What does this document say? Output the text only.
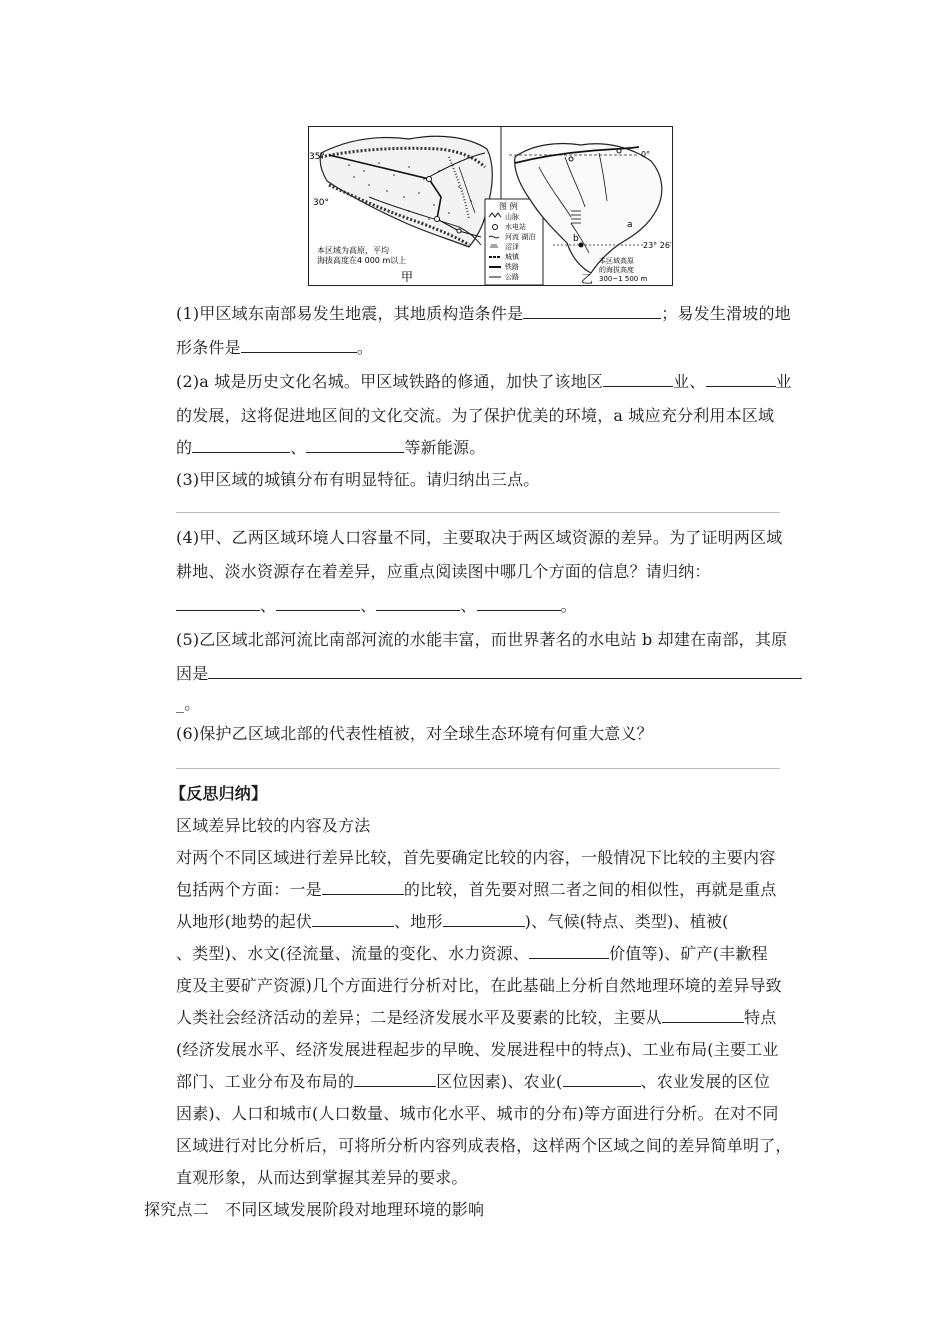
35°
30°
本区域为高原，平均
海拔高度在4 000 m以上
甲
图 例
山脉
水电站
河流 湖泊
沼泽
城镇
铁路
公路
0°
23° 26′
a
b
本区域高原
的海拔高度
300~1 500 m
乙
(1)甲区域东南部易发生地震，其地质构造条件是	；易发生滑坡的地
形条件是	。
(2)a 城是历史文化名城。甲区域铁路的修通，加快了该地区	业、	业
的发展，这将促进地区间的文化交流。为了保护优美的环境，a 城应充分利用本区域
的	、	等新能源。
(3)甲区域的城镇分布有明显特征。请归纳出三点。
(4)甲、乙两区域环境人口容量不同，主要取决于两区域资源的差异。为了证明两区域
耕地、淡水资源存在着差异，应重点阅读图中哪几个方面的信息？请归纳：
、	、	、	。
(5)乙区域北部河流比南部河流的水能丰富，而世界著名的水电站 b 却建在南部，其原
因是
_。
(6)保护乙区域北部的代表性植被，对全球生态环境有何重大意义？
【反思归纳】
区域差异比较的内容及方法
对两个不同区域进行差异比较，首先要确定比较的内容，一般情况下比较的主要内容
包括两个方面：一是	的比较，首先要对照二者之间的相似性，再就是重点
从地形(地势的起伏	、地形	)、气候(特点、类型)、植被(
、类型)、水文(径流量、流量的变化、水力资源、	价值等)、矿产(丰歉程
度及主要矿产资源)几个方面进行分析对比，在此基础上分析自然地理环境的差异导致
人类社会经济活动的差异；二是经济发展水平及要素的比较，主要从	特点
(经济发展水平、经济发展进程起步的早晚、发展进程中的特点)、工业布局(主要工业
部门、工业分布及布局的	区位因素)、农业(	、农业发展的区位
因素)、人口和城市(人口数量、城市化水平、城市的分布)等方面进行分析。在对不同
区域进行对比分析后，可将所分析内容列成表格，这样两个区域之间的差异简单明了，
直观形象，从而达到掌握其差异的要求。
探究点二　不同区域发展阶段对地理环境的影响
